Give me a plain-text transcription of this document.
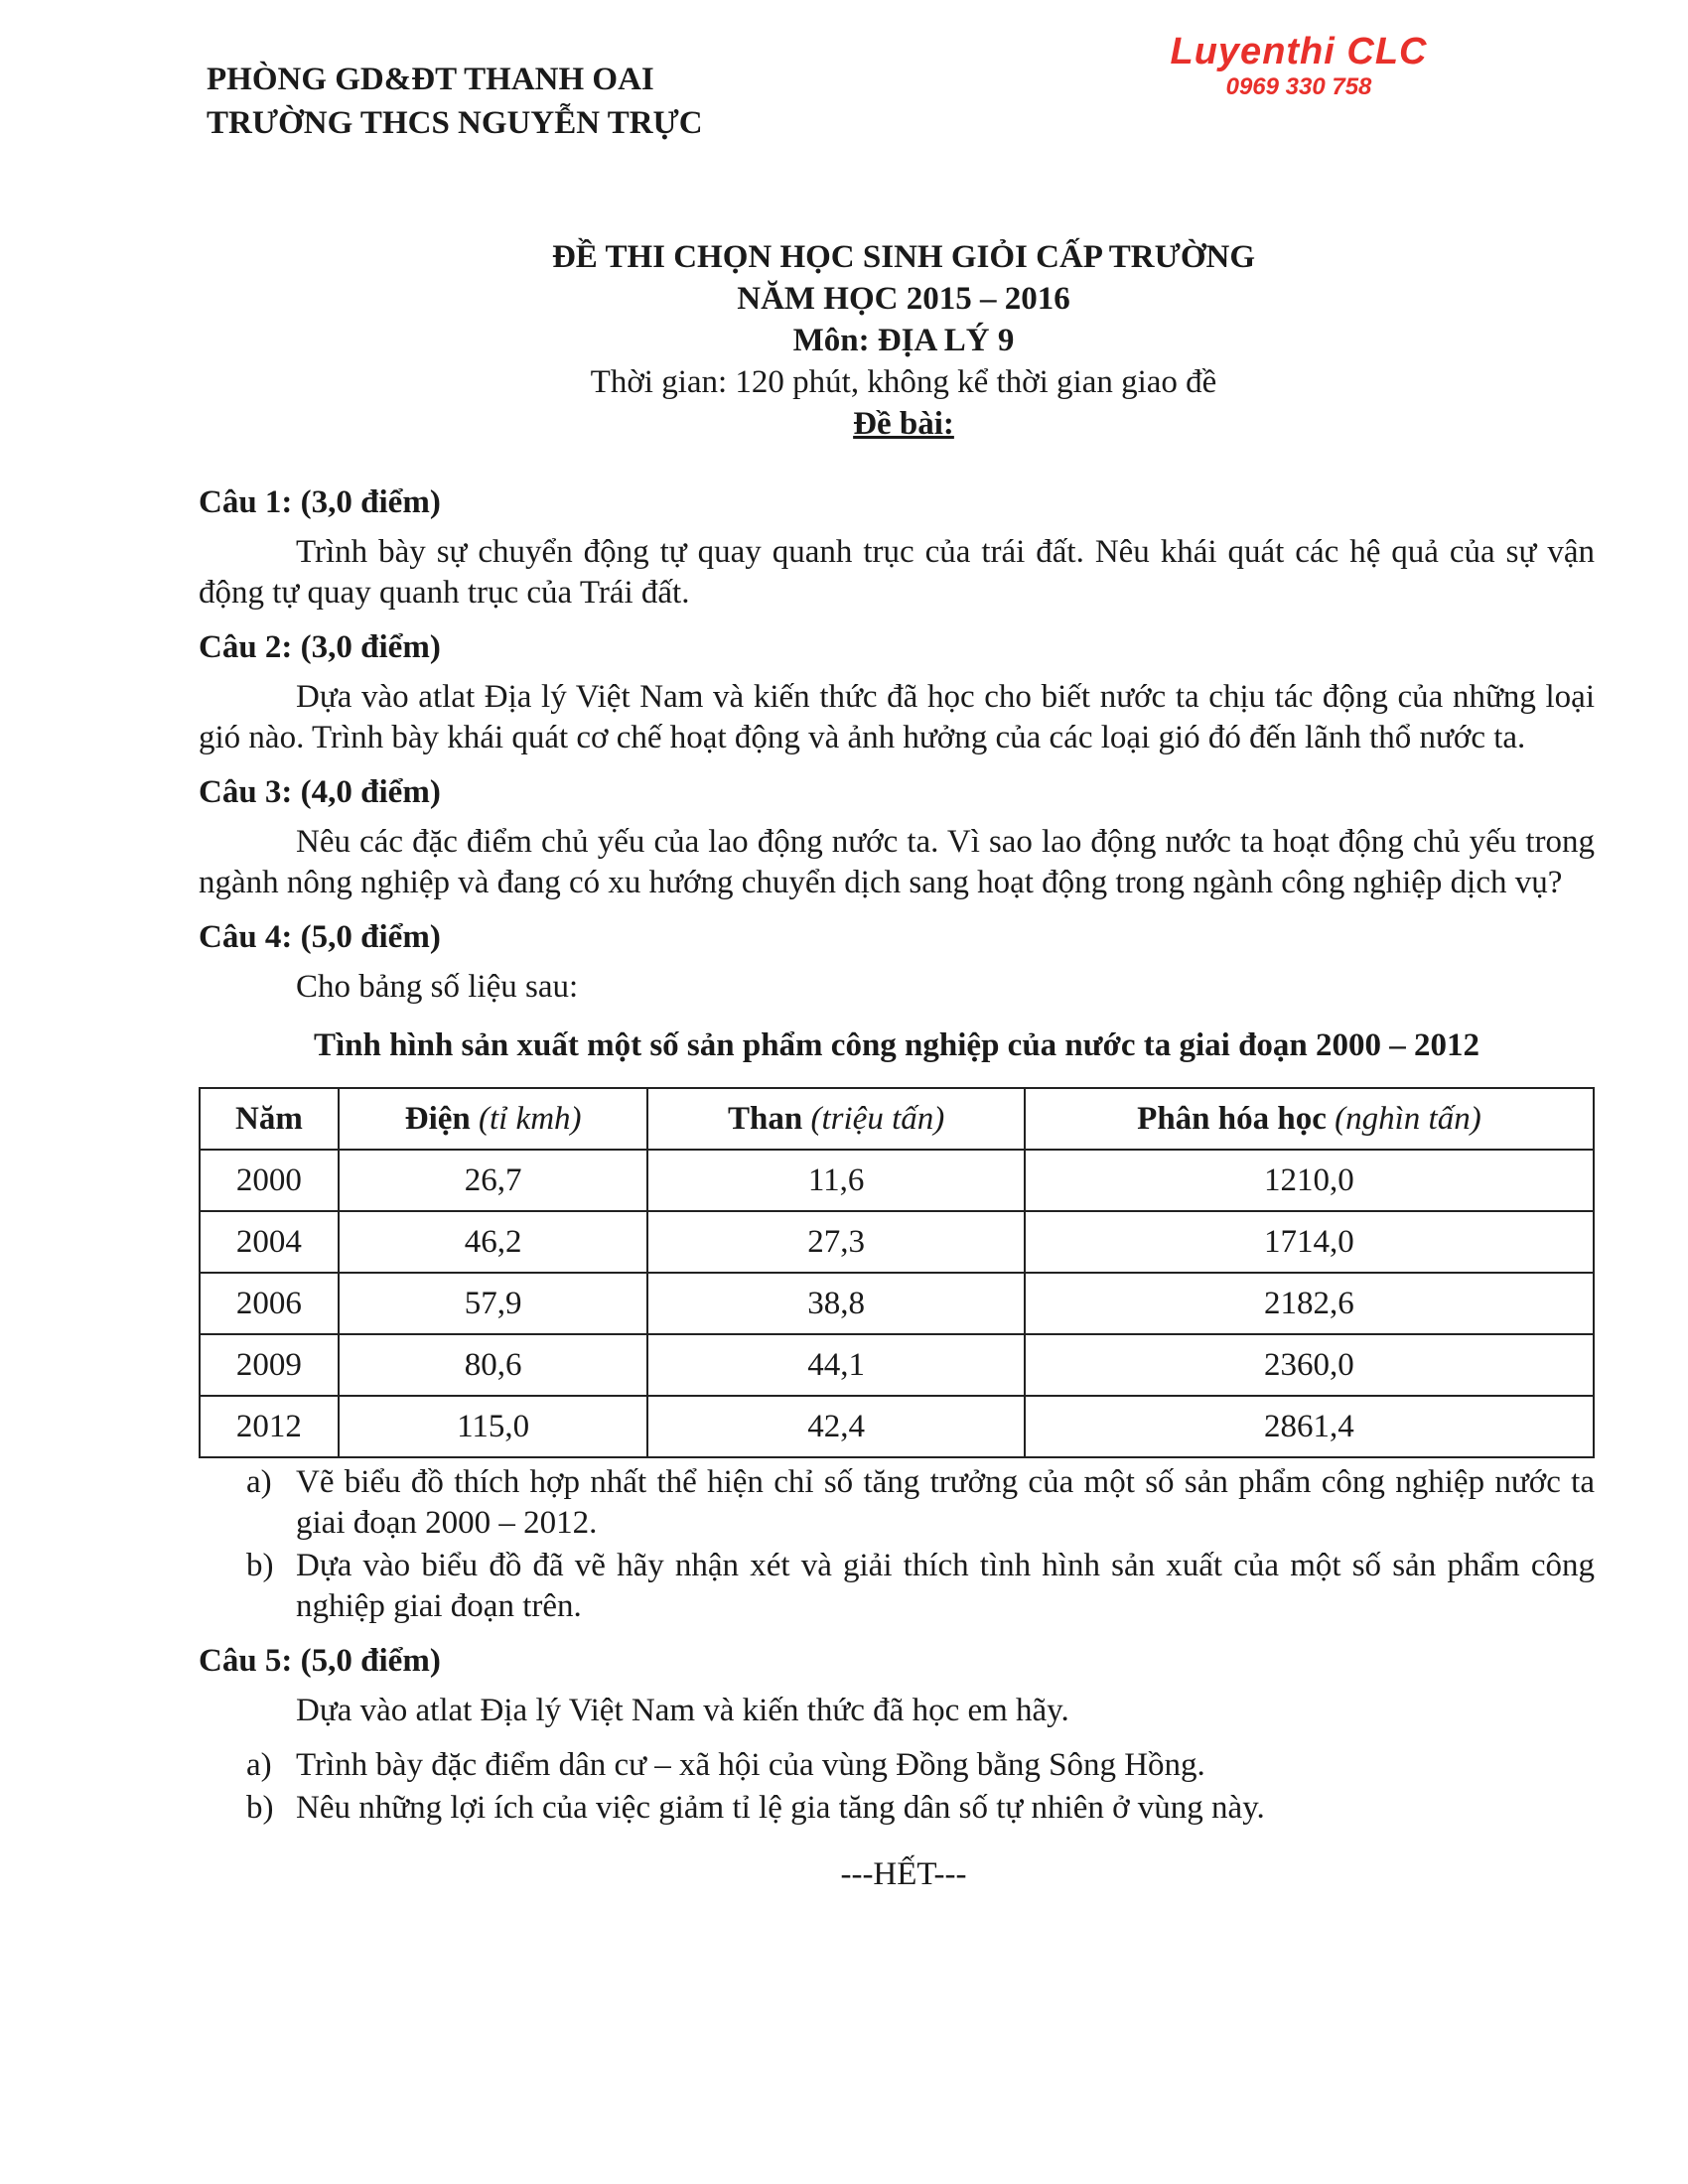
PHÒNG GD&ĐT THANH OAI
TRƯỜNG THCS NGUYỄN TRỰC
Luyenthi CLC
0969 330 758
ĐỀ THI CHỌN HỌC SINH GIỎI CẤP TRƯỜNG
NĂM HỌC 2015 – 2016
Môn: ĐỊA LÝ 9
Thời gian: 120 phút, không kể thời gian giao đề
Đề bài:
Câu 1: (3,0 điểm)
Trình bày sự chuyển động tự quay quanh trục của trái đất. Nêu khái quát các hệ quả của sự vận động tự quay quanh trục của Trái đất.
Câu 2: (3,0 điểm)
Dựa vào atlat Địa lý Việt Nam và kiến thức đã học cho biết nước ta chịu tác động của những loại gió nào. Trình bày khái quát cơ chế hoạt động và ảnh hưởng của các loại gió đó đến lãnh thổ nước ta.
Câu 3: (4,0 điểm)
Nêu các đặc điểm chủ yếu của lao động nước ta. Vì sao lao động nước ta hoạt động chủ yếu trong ngành nông nghiệp và đang có xu hướng chuyển dịch sang hoạt động trong ngành công nghiệp dịch vụ?
Câu 4: (5,0 điểm)
Cho bảng số liệu sau:
Tình hình sản xuất một số sản phẩm công nghiệp của nước ta giai đoạn 2000 – 2012
Năm	Điện (tỉ kmh)	Than (triệu tấn)	Phân hóa học (nghìn tấn)
2000	26,7	11,6	1210,0
2004	46,2	27,3	1714,0
2006	57,9	38,8	2182,6
2009	80,6	44,1	2360,0
2012	115,0	42,4	2861,4
a) Vẽ biểu đồ thích hợp nhất thể hiện chỉ số tăng trưởng của một số sản phẩm công nghiệp nước ta giai đoạn 2000 – 2012.
b) Dựa vào biểu đồ đã vẽ hãy nhận xét và giải thích tình hình sản xuất của một số sản phẩm công nghiệp giai đoạn trên.
Câu 5: (5,0 điểm)
Dựa vào atlat Địa lý Việt Nam và kiến thức đã học em hãy.
a) Trình bày đặc điểm dân cư – xã hội của vùng Đồng bằng Sông Hồng.
b) Nêu những lợi ích của việc giảm tỉ lệ gia tăng dân số tự nhiên ở vùng này.
---HẾT---
